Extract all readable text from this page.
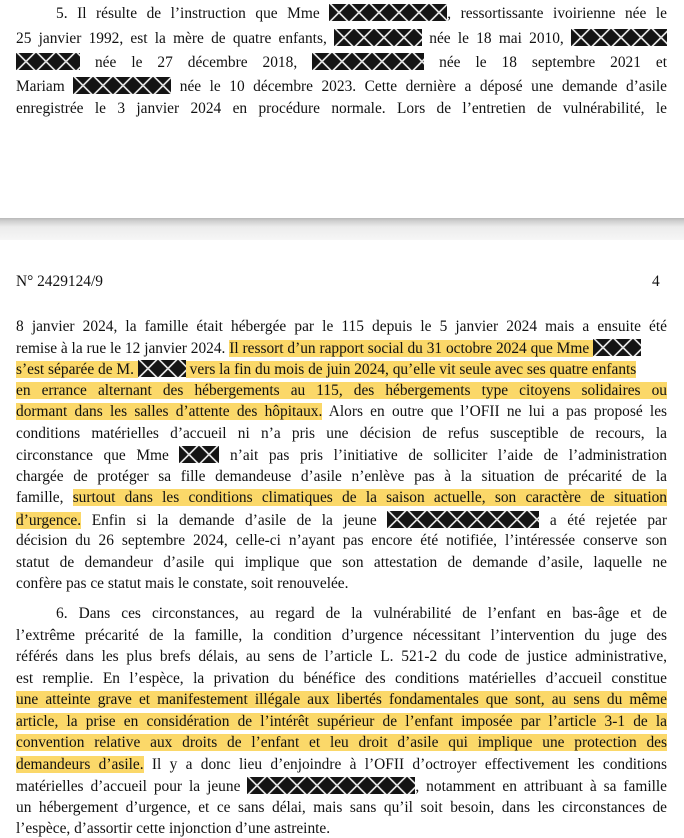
5. Il résulte de l’instruction que Mme	, ressortissante ivoirienne née le
25 janvier 1992, est la mère de quatre enfants,	née le 18 mai 2010,
née le 27 décembre 2018,	née le 18 septembre 2021 et
Mariam	née le 10 décembre 2023. Cette dernière a déposé une demande d’asile
enregistrée le 3 janvier 2024 en procédure normale. Lors de l’entretien de vulnérabilité, le
N° 2429124/9	4
8 janvier 2024, la famille était hébergée par le 115 depuis le 5 janvier 2024 mais a ensuite été
remise à la rue le 12 janvier 2024. Il ressort d’un rapport social du 31 octobre 2024 que Mme
s’est séparée de M.	vers la fin du mois de juin 2024, qu’elle vit seule avec ses quatre enfants
en errance alternant des hébergements au 115, des hébergements type citoyens solidaires ou
dormant dans les salles d’attente des hôpitaux. Alors en outre que l’OFII ne lui a pas proposé les
conditions matérielles d’accueil ni n’a pris une décision de refus susceptible de recours, la
circonstance que Mme	n’ait pas pris l’initiative de solliciter l’aide de l’administration
chargée de protéger sa fille demandeuse d’asile n’enlève pas à la situation de précarité de la
famille, surtout dans les conditions climatiques de la saison actuelle, son caractère de situation
d’urgence. Enfin si la demande d’asile de la jeune	a été rejetée par
décision du 26 septembre 2024, celle-ci n’ayant pas encore été notifiée, l’intéressée conserve son
statut de demandeur d’asile qui implique que son attestation de demande d’asile, laquelle ne
confère pas ce statut mais le constate, soit renouvelée.
6. Dans ces circonstances, au regard de la vulnérabilité de l’enfant en bas-âge et de
l’extrême précarité de la famille, la condition d’urgence nécessitant l’intervention du juge des
référés dans les plus brefs délais, au sens de l’article L. 521-2 du code de justice administrative,
est remplie. En l’espèce, la privation du bénéfice des conditions matérielles d’accueil constitue
une atteinte grave et manifestement illégale aux libertés fondamentales que sont, au sens du même
article, la prise en considération de l’intérêt supérieur de l’enfant imposée par l’article 3-1 de la
convention relative aux droits de l’enfant et leu droit d’asile qui implique une protection des
demandeurs d’asile. Il y a donc lieu d’enjoindre à l’OFII d’octroyer effectivement les conditions
matérielles d’accueil pour la jeune	, notamment en attribuant à sa famille
un hébergement d’urgence, et ce sans délai, mais sans qu’il soit besoin, dans les circonstances de
l’espèce, d’assortir cette injonction d’une astreinte.
